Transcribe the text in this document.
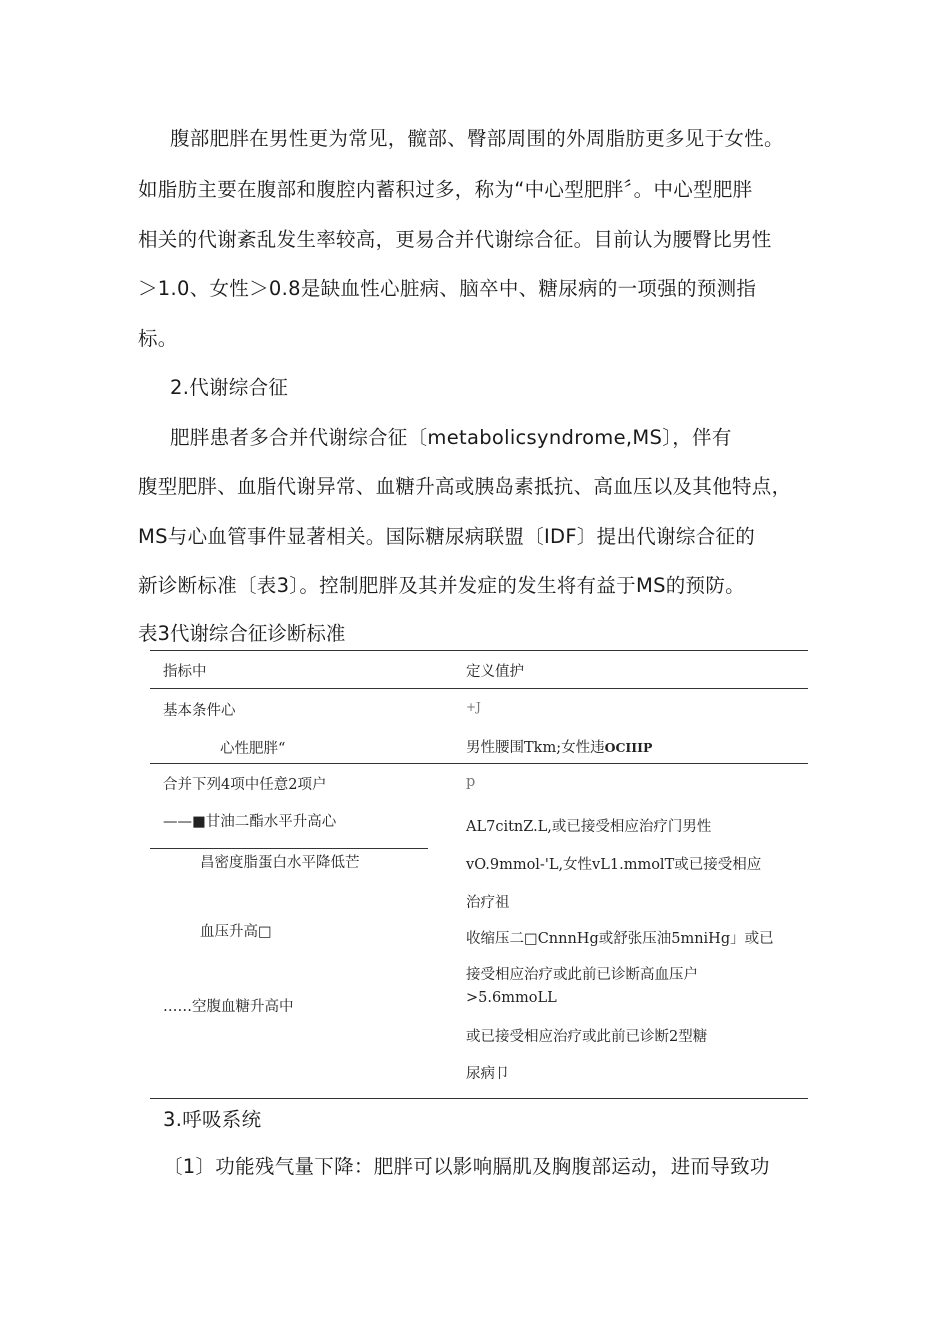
腹部肥胖在男性更为常见，髋部、臀部周围的外周脂肪更多见于女性。
如脂肪主要在腹部和腹腔内蓄积过多，称为“中心型肥胖〞。中心型肥胖
相关的代谢紊乱发生率较高，更易合并代谢综合征。目前认为腰臀比男性
＞1.0、女性＞0.8是缺血性心脏病、脑卒中、糖尿病的一项强的预测指
标。
2.代谢综合征
肥胖患者多合并代谢综合征〔metabolicsyndrome,MS〕，伴有
腹型肥胖、血脂代谢异常、血糖升高或胰岛素抵抗、高血压以及其他特点，
MS与心血管事件显著相关。国际糖尿病联盟〔IDF〕提出代谢综合征的
新诊断标准〔表3〕。控制肥胖及其并发症的发生将有益于MS的预防。
表3代谢综合征诊断标准
指标中	定义值护
基本条件心
心性肥胖“
合并下列4项中任意2项户
——■甘油二酯水平升高心
昌密度脂蛋白水平降低芒
血压升高□
……空腹血糖升高中
+J
男性腰围Tkm;女性违OCIIIP
p
AL7citnZ.L,或已接受相应治疗门男性
vO.9mmol-'L,女性vL1.mmolT或已接受相应
治疗祖
收缩压二□CnnnHg或舒张压油5mniHg」或已
接受相应治疗或此前已诊断高血压户
>5.6mmoLL
或已接受相应治疗或此前已诊断2型糖
尿病卩
3.呼吸系统
〔1〕功能残气量下降：肥胖可以影响膈肌及胸腹部运动，进而导致功
